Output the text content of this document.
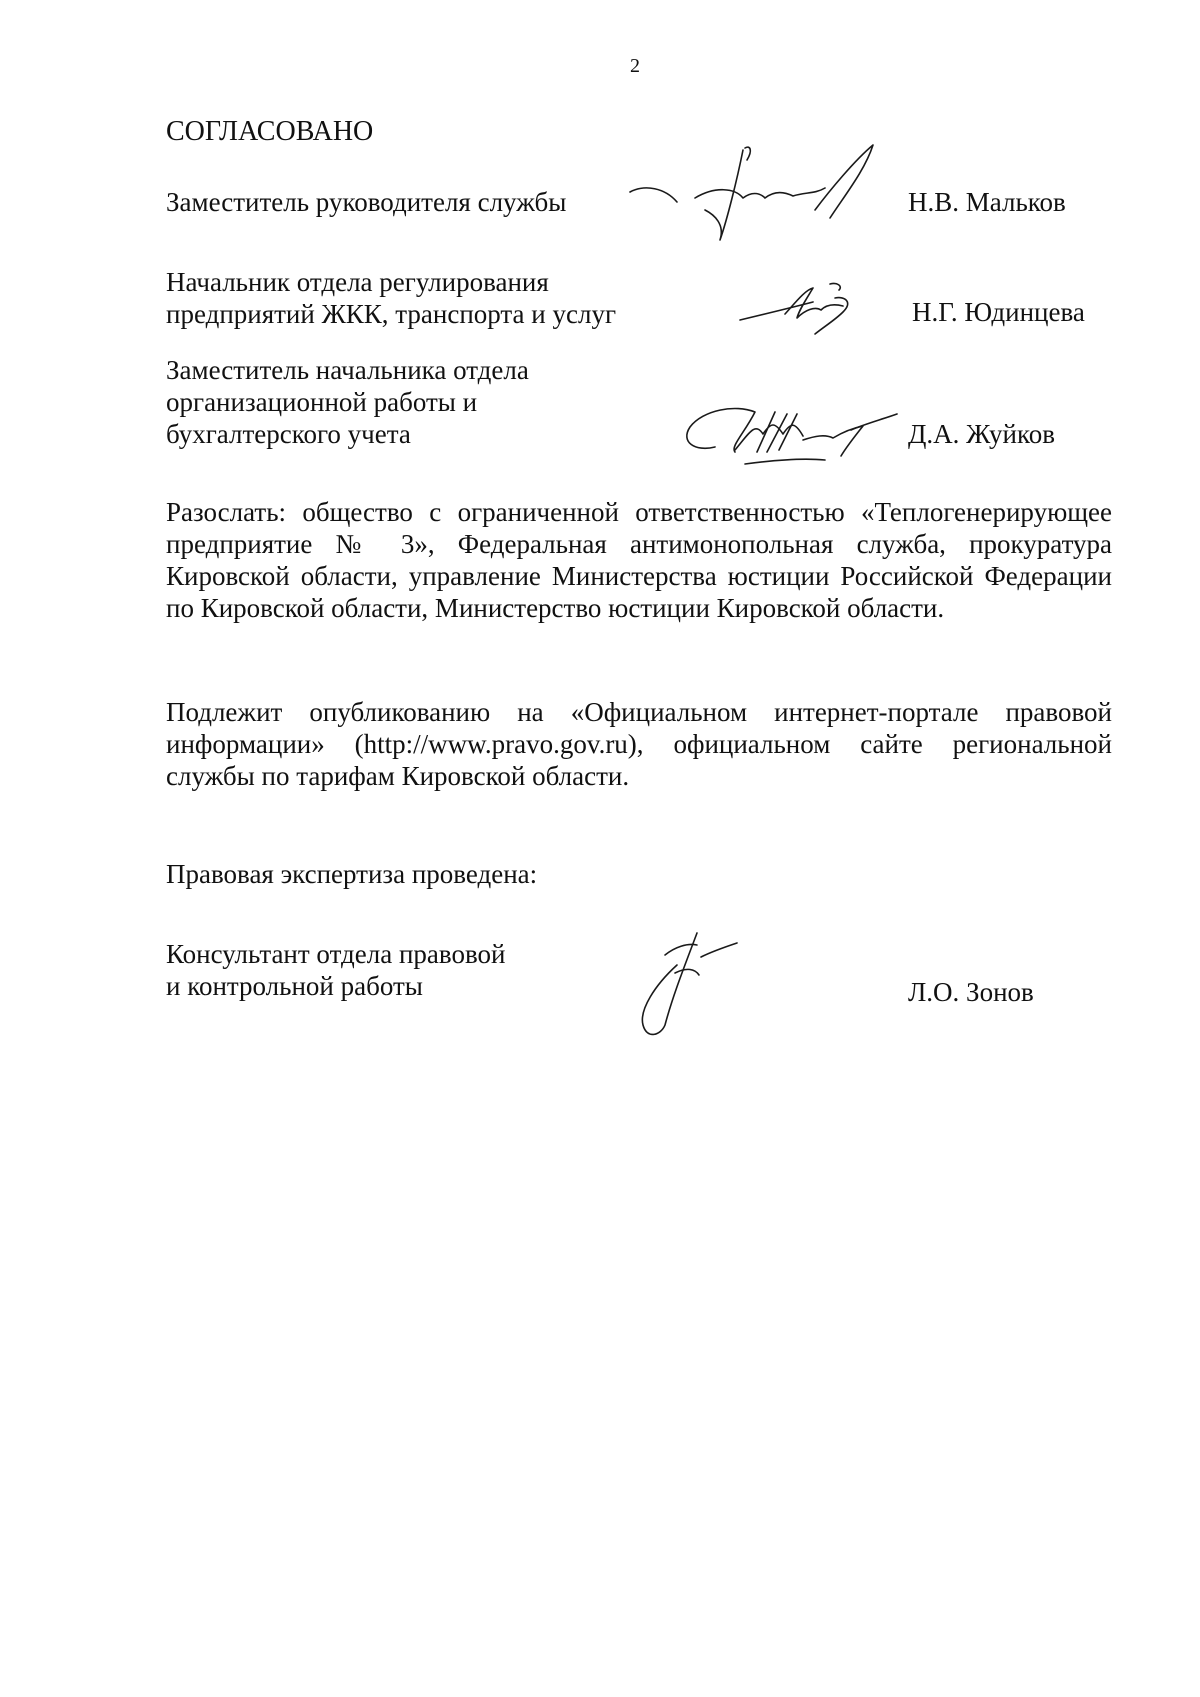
2
СОГЛАСОВАНО
Заместитель руководителя службы	Н.В. Мальков
Начальник отдела регулирования
предприятий ЖКК, транспорта и услуг	Н.Г. Юдинцева
Заместитель начальника отдела
организационной работы и
бухгалтерского учета	Д.А. Жуйков
Разослать: общество с ограниченной ответственностью «Теплогенерирующее предприятие № 3», Федеральная антимонопольная служба, прокуратура Кировской области, управление Министерства юстиции Российской Федерации по Кировской области, Министерство юстиции Кировской области.
Подлежит опубликованию на «Официальном интернет-портале правовой информации» (http://www.pravo.gov.ru), официальном сайте региональной службы по тарифам Кировской области.
Правовая экспертиза проведена:
Консультант отдела правовой
и контрольной работы	Л.О. Зонов
